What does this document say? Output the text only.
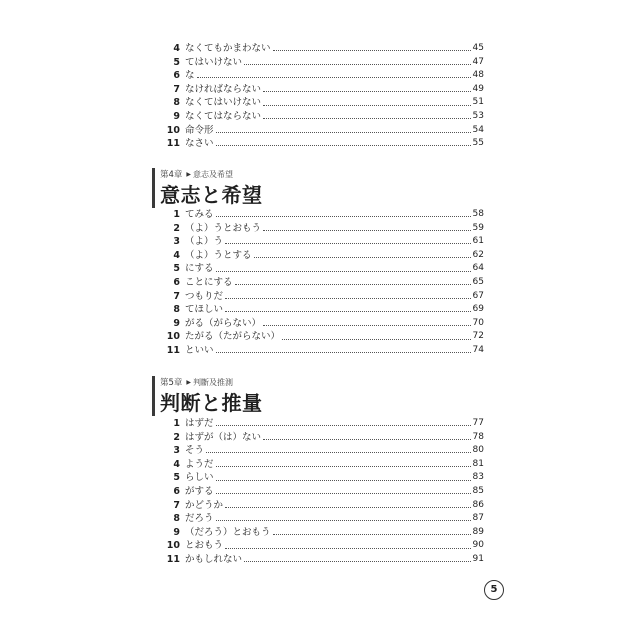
4 なくてもかまわない	45
5 てはいけない	47
6 な	48
7 なければならない	49
8 なくてはいけない	51
9 なくてはならない	53
10 命令形	54
11 なさい	55
第4章 ▶ 意志及希望
意志と希望
1 てみる	58
2 （よ）うとおもう	59
3 （よ）う	61
4 （よ）うとする	62
5 にする	64
6 ことにする	65
7 つもりだ	67
8 てほしい	69
9 がる（がらない）	70
10 たがる（たがらない）	72
11 といい	74
第5章 ▶ 判斷及推測
判断と推量
1 はずだ	77
2 はずが（は）ない	78
3 そう	80
4 ようだ	81
5 らしい	83
6 がする	85
7 かどうか	86
8 だろう	87
9 （だろう）とおもう	89
10 とおもう	90
11 かもしれない	91
5
